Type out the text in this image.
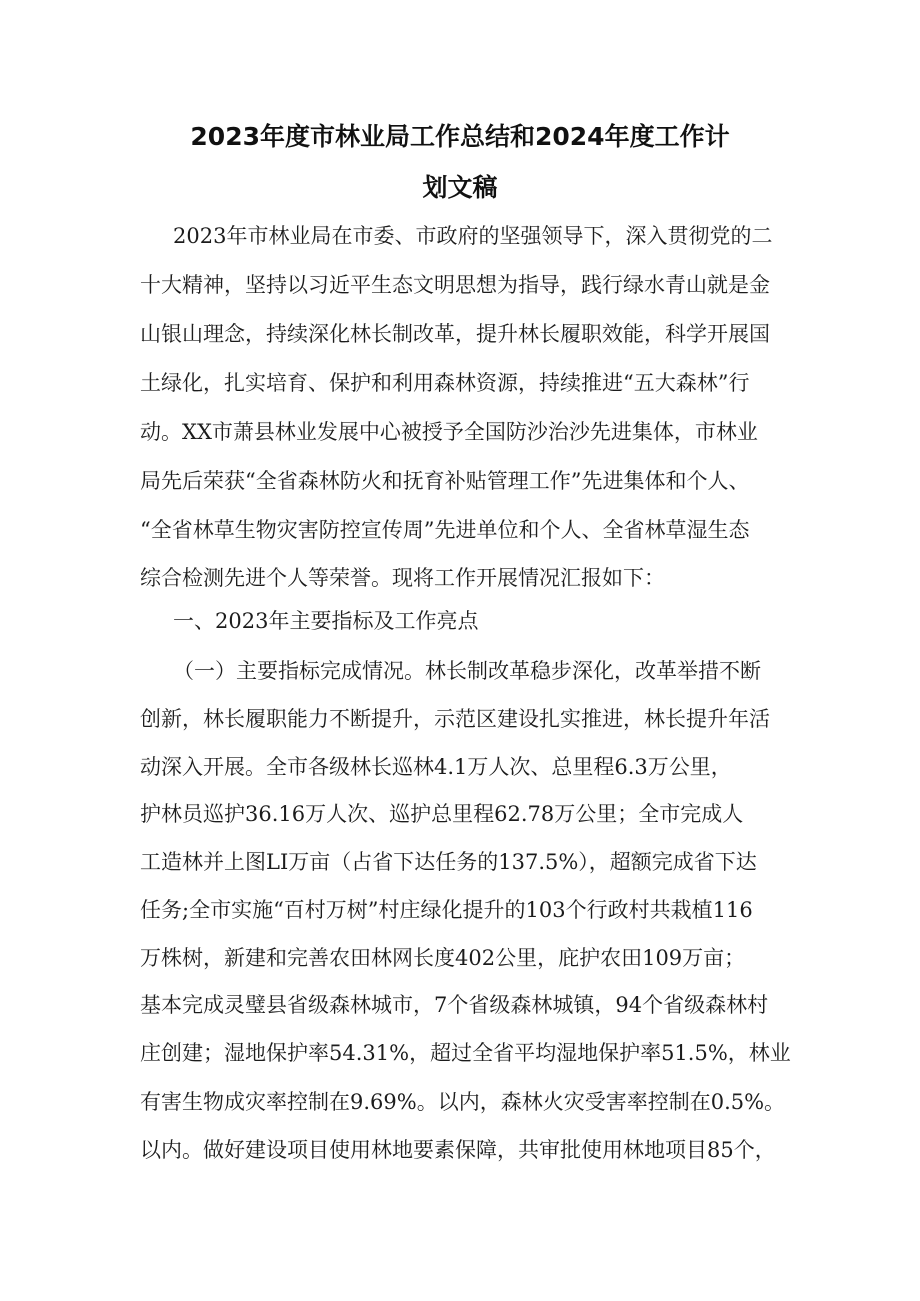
2023年度市林业局工作总结和2024年度工作计
划文稿
2023年市林业局在市委、市政府的坚强领导下，深入贯彻党的二
十大精神，坚持以习近平生态文明思想为指导，践行绿水青山就是金
山银山理念，持续深化林长制改革，提升林长履职效能，科学开展国
土绿化，扎实培育、保护和利用森林资源，持续推进“五大森林”行
动。XX市萧县林业发展中心被授予全国防沙治沙先进集体，市林业
局先后荣获“全省森林防火和抚育补贴管理工作”先进集体和个人、
“全省林草生物灾害防控宣传周”先进单位和个人、全省林草湿生态
综合检测先进个人等荣誉。现将工作开展情况汇报如下：
一、2023年主要指标及工作亮点
（一）主要指标完成情况。林长制改革稳步深化，改革举措不断
创新，林长履职能力不断提升，示范区建设扎实推进，林长提升年活
动深入开展。全市各级林长巡林4.1万人次、总里程6.3万公里，
护林员巡护36.16万人次、巡护总里程62.78万公里；全市完成人
工造林并上图LI万亩（占省下达任务的137.5%），超额完成省下达
任务;全市实施“百村万树”村庄绿化提升的103个行政村共栽植116
万株树，新建和完善农田林网长度402公里，庇护农田109万亩；
基本完成灵璧县省级森林城市，7个省级森林城镇，94个省级森林村
庄创建；湿地保护率54.31%，超过全省平均湿地保护率51.5%，林业
有害生物成灾率控制在9.69%。以内，森林火灾受害率控制在0.5%。
以内。做好建设项目使用林地要素保障，共审批使用林地项目85个，
